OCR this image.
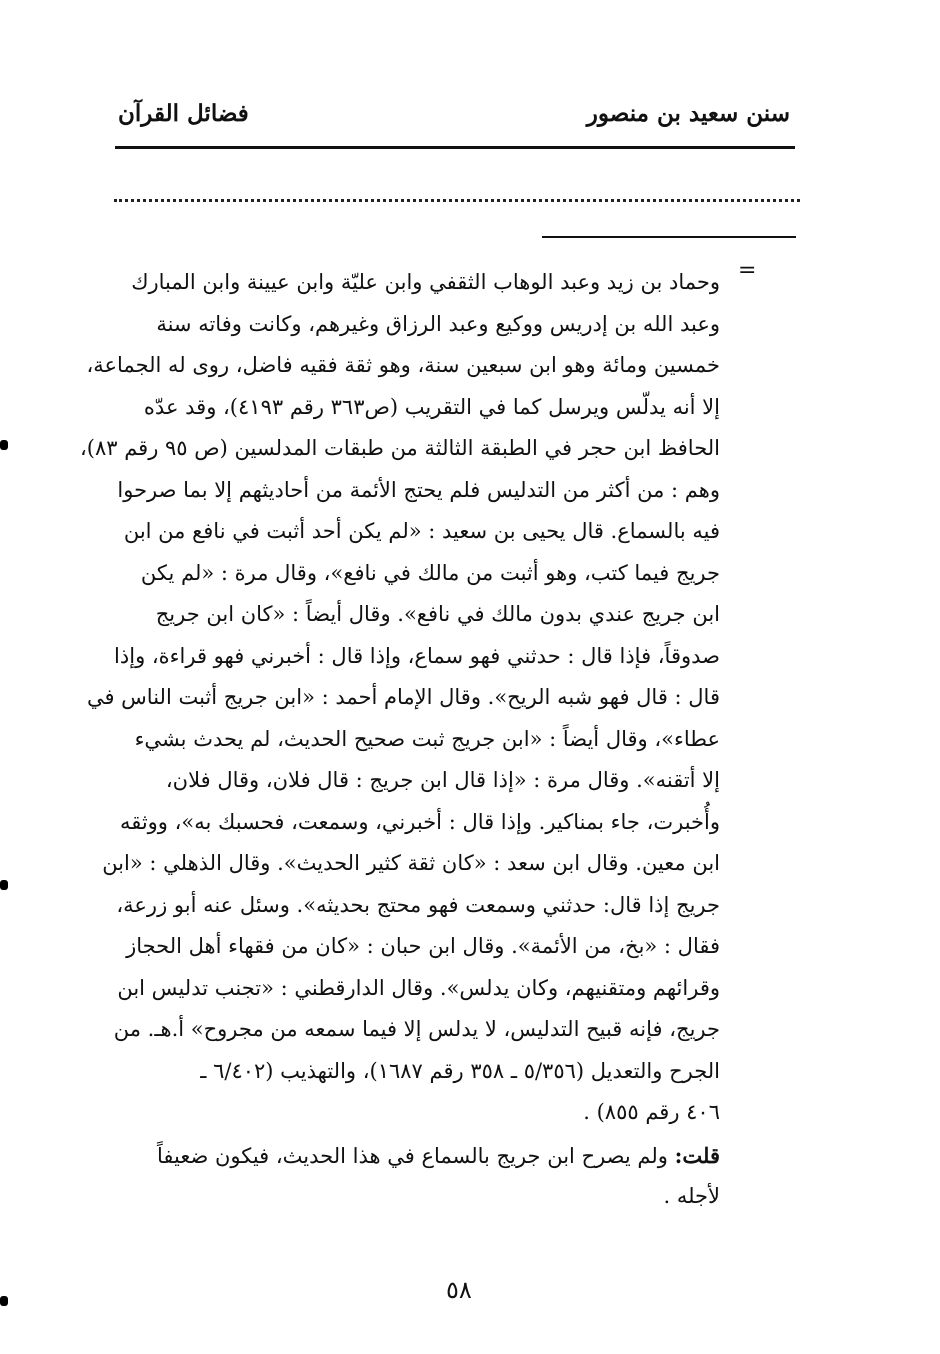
سنن سعيد بن منصور
فضائل القرآن
=
وحماد بن زيد وعبد الوهاب الثقفي وابن عليّة وابن عيينة وابن المبارك
وعبد الله بن إدريس ووكيع وعبد الرزاق وغيرهم، وكانت وفاته سنة
خمسين ومائة وهو ابن سبعين سنة، وهو ثقة فقيه فاضل، روى له الجماعة،
إلا أنه يدلّس ويرسل كما في التقريب (ص٣٦٣ رقم ٤١٩٣)، وقد عدّه
الحافظ ابن حجر في الطبقة الثالثة من طبقات المدلسين (ص ٩٥ رقم ٨٣)،
وهم : من أكثر من التدليس فلم يحتج الأئمة من أحاديثهم إلا بما صرحوا
فيه بالسماع. قال يحيى بن سعيد : «لم يكن أحد أثبت في نافع من ابن
جريج فيما كتب، وهو أثبت من مالك في نافع»، وقال مرة : «لم يكن
ابن جريج عندي بدون مالك في نافع». وقال أيضاً : «كان ابن جريج
صدوقاً، فإذا قال : حدثني فهو سماع، وإذا قال : أخبرني فهو قراءة، وإذا
قال : قال فهو شبه الريح». وقال الإمام أحمد : «ابن جريج أثبت الناس في
عطاء»، وقال أيضاً : «ابن جريج ثبت صحيح الحديث، لم يحدث بشيء
إلا أتقنه». وقال مرة : «إذا قال ابن جريج : قال فلان، وقال فلان،
وأُخبرت، جاء بمناكير. وإذا قال : أخبرني، وسمعت، فحسبك به»، ووثقه
ابن معين. وقال ابن سعد : «كان ثقة كثير الحديث». وقال الذهلي : «ابن
جريج إذا قال: حدثني وسمعت فهو محتج بحديثه». وسئل عنه أبو زرعة،
فقال : «بخ، من الأئمة». وقال ابن حبان : «كان من فقهاء أهل الحجاز
وقرائهم ومتقنيهم، وكان يدلس». وقال الدارقطني : «تجنب تدليس ابن
جريج، فإنه قبيح التدليس، لا يدلس إلا فيما سمعه من مجروح» أ.هـ. من
الجرح والتعديل (٥/٣٥٦ ـ ٣٥٨ رقم ١٦٨٧)، والتهذيب (٦/٤٠٢ ـ
٤٠٦ رقم ٨٥٥) .
قلت: ولم يصرح ابن جريج بالسماع في هذا الحديث، فيكون ضعيفاً
لأجله .
٥٨
